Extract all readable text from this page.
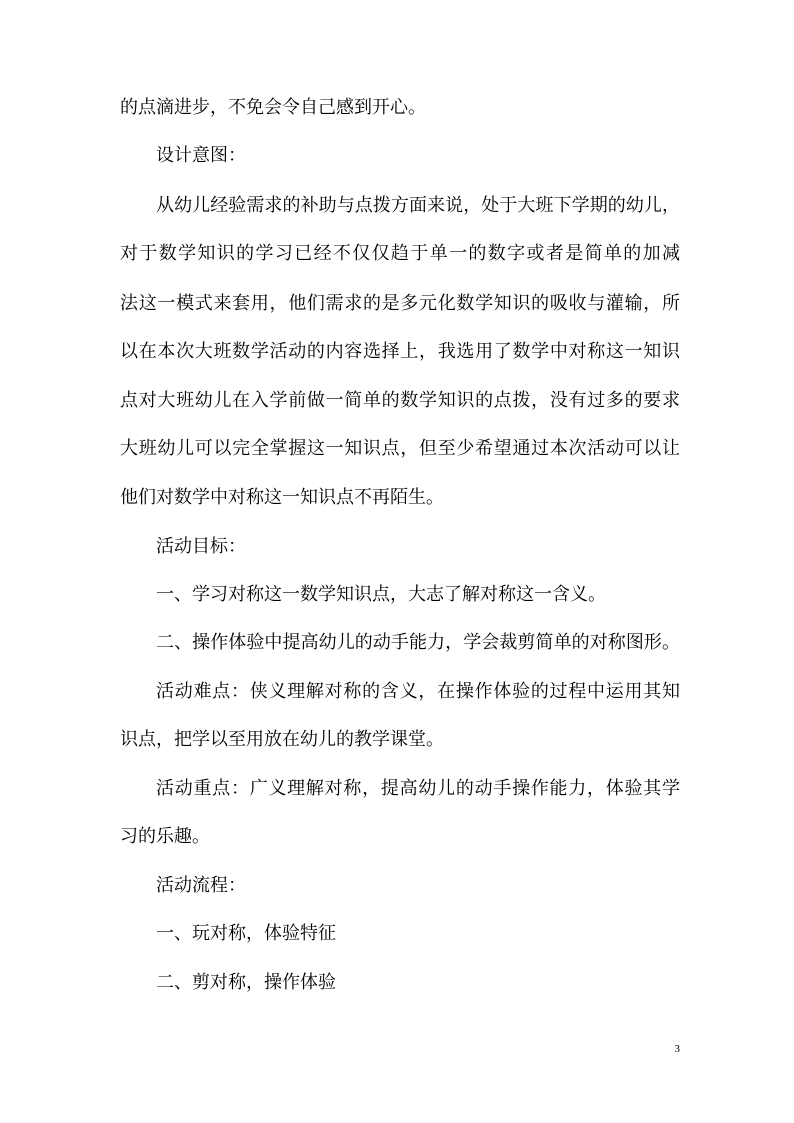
的点滴进步，不免会令自己感到开心。
设计意图：
从幼儿经验需求的补助与点拨方面来说，处于大班下学期的幼儿，
对于数学知识的学习已经不仅仅趋于单一的数字或者是简单的加减
法这一模式来套用，他们需求的是多元化数学知识的吸收与灌输，所
以在本次大班数学活动的内容选择上，我选用了数学中对称这一知识
点对大班幼儿在入学前做一简单的数学知识的点拨，没有过多的要求
大班幼儿可以完全掌握这一知识点，但至少希望通过本次活动可以让
他们对数学中对称这一知识点不再陌生。
活动目标：
一、学习对称这一数学知识点，大志了解对称这一含义。
二、操作体验中提高幼儿的动手能力，学会裁剪简单的对称图形。
活动难点：侠义理解对称的含义，在操作体验的过程中运用其知
识点，把学以至用放在幼儿的教学课堂。
活动重点：广义理解对称，提高幼儿的动手操作能力，体验其学
习的乐趣。
活动流程：
一、玩对称，体验特征
二、剪对称，操作体验
3
